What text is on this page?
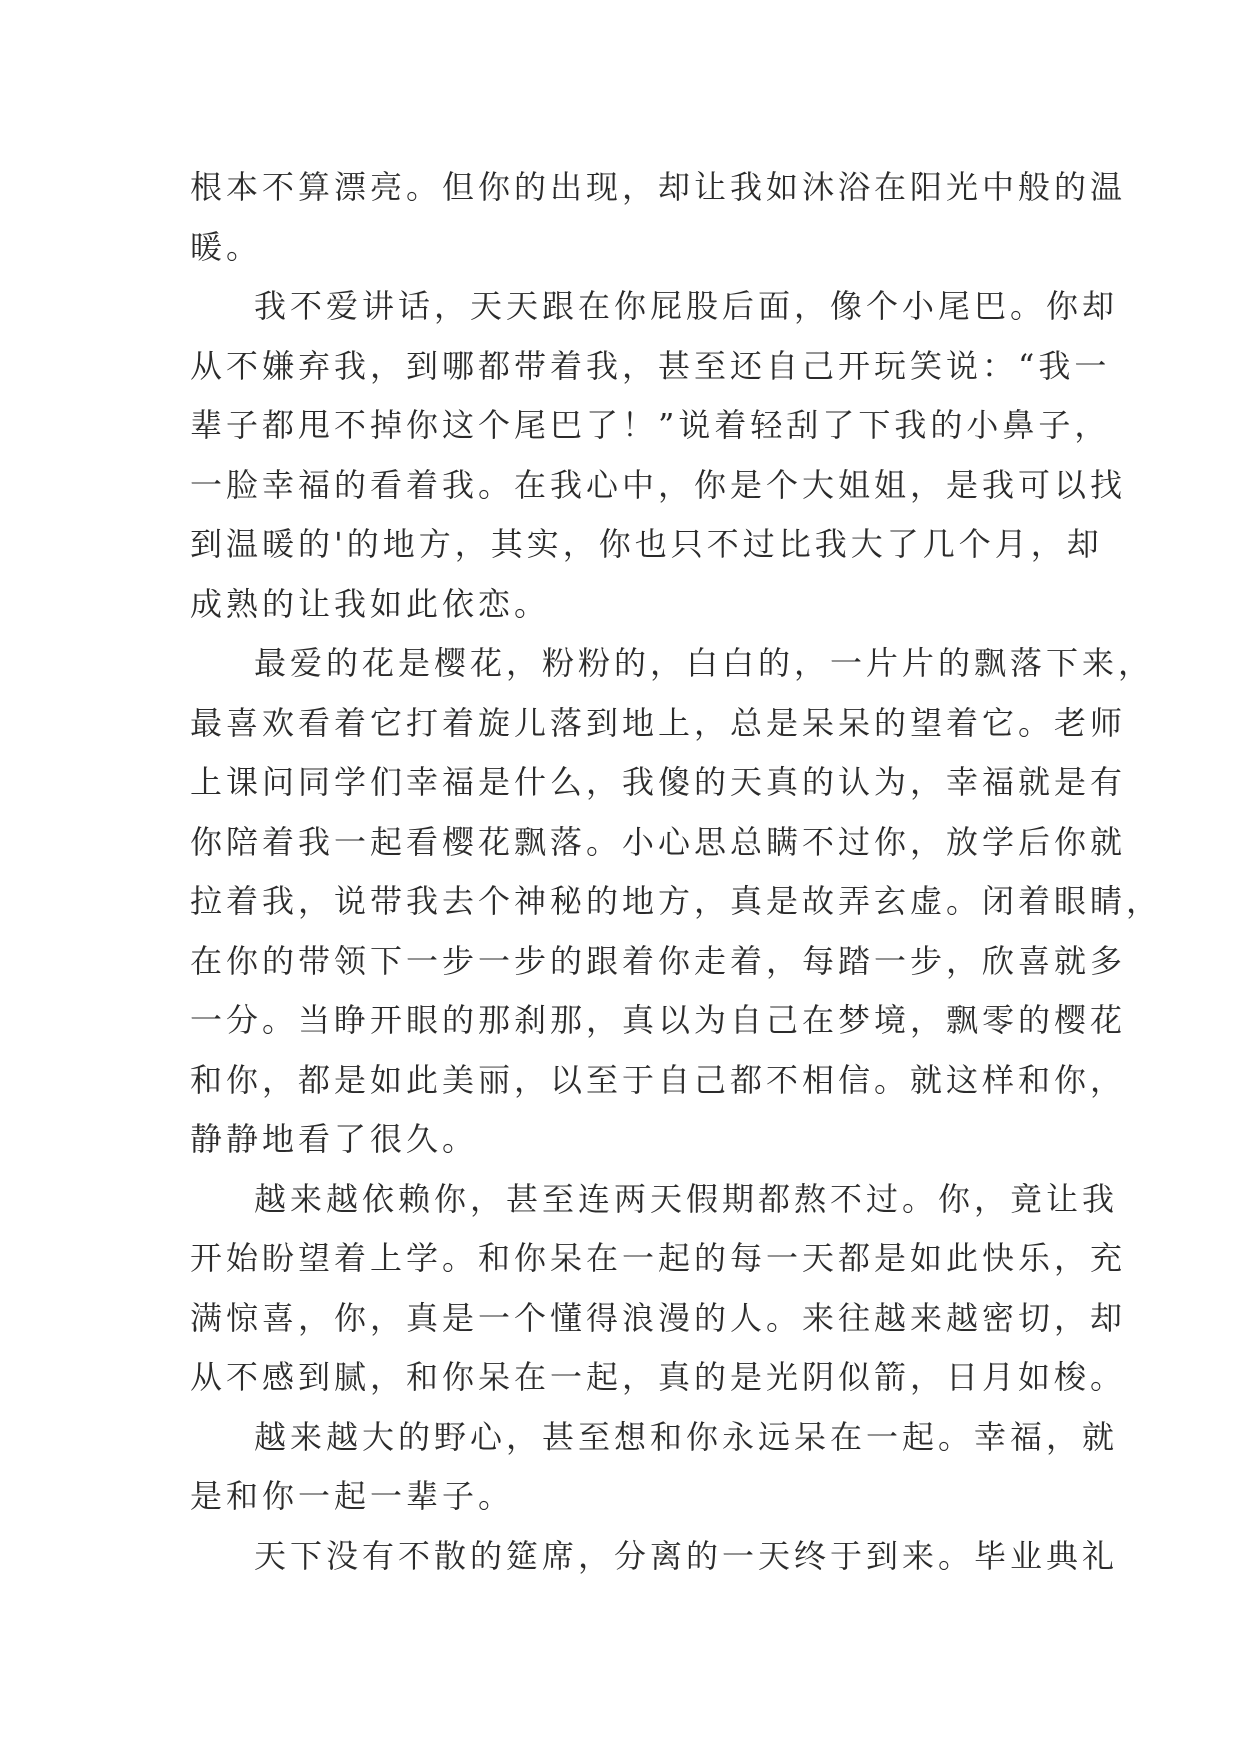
根本不算漂亮。但你的出现，却让我如沐浴在阳光中般的温
暖。
我不爱讲话，天天跟在你屁股后面，像个小尾巴。你却
从不嫌弃我，到哪都带着我，甚至还自己开玩笑说：“我一
辈子都甩不掉你这个尾巴了！”说着轻刮了下我的小鼻子，
一脸幸福的看着我。在我心中，你是个大姐姐，是我可以找
到温暖的'的地方，其实，你也只不过比我大了几个月，却
成熟的让我如此依恋。
最爱的花是樱花，粉粉的，白白的，一片片的飘落下来，
最喜欢看着它打着旋儿落到地上，总是呆呆的望着它。老师
上课问同学们幸福是什么，我傻的天真的认为，幸福就是有
你陪着我一起看樱花飘落。小心思总瞒不过你，放学后你就
拉着我，说带我去个神秘的地方，真是故弄玄虚。闭着眼睛，
在你的带领下一步一步的跟着你走着，每踏一步，欣喜就多
一分。当睁开眼的那刹那，真以为自己在梦境，飘零的樱花
和你，都是如此美丽，以至于自己都不相信。就这样和你，
静静地看了很久。
越来越依赖你，甚至连两天假期都熬不过。你，竟让我
开始盼望着上学。和你呆在一起的每一天都是如此快乐，充
满惊喜，你，真是一个懂得浪漫的人。来往越来越密切，却
从不感到腻，和你呆在一起，真的是光阴似箭，日月如梭。
越来越大的野心，甚至想和你永远呆在一起。幸福，就
是和你一起一辈子。
天下没有不散的筵席，分离的一天终于到来。毕业典礼
